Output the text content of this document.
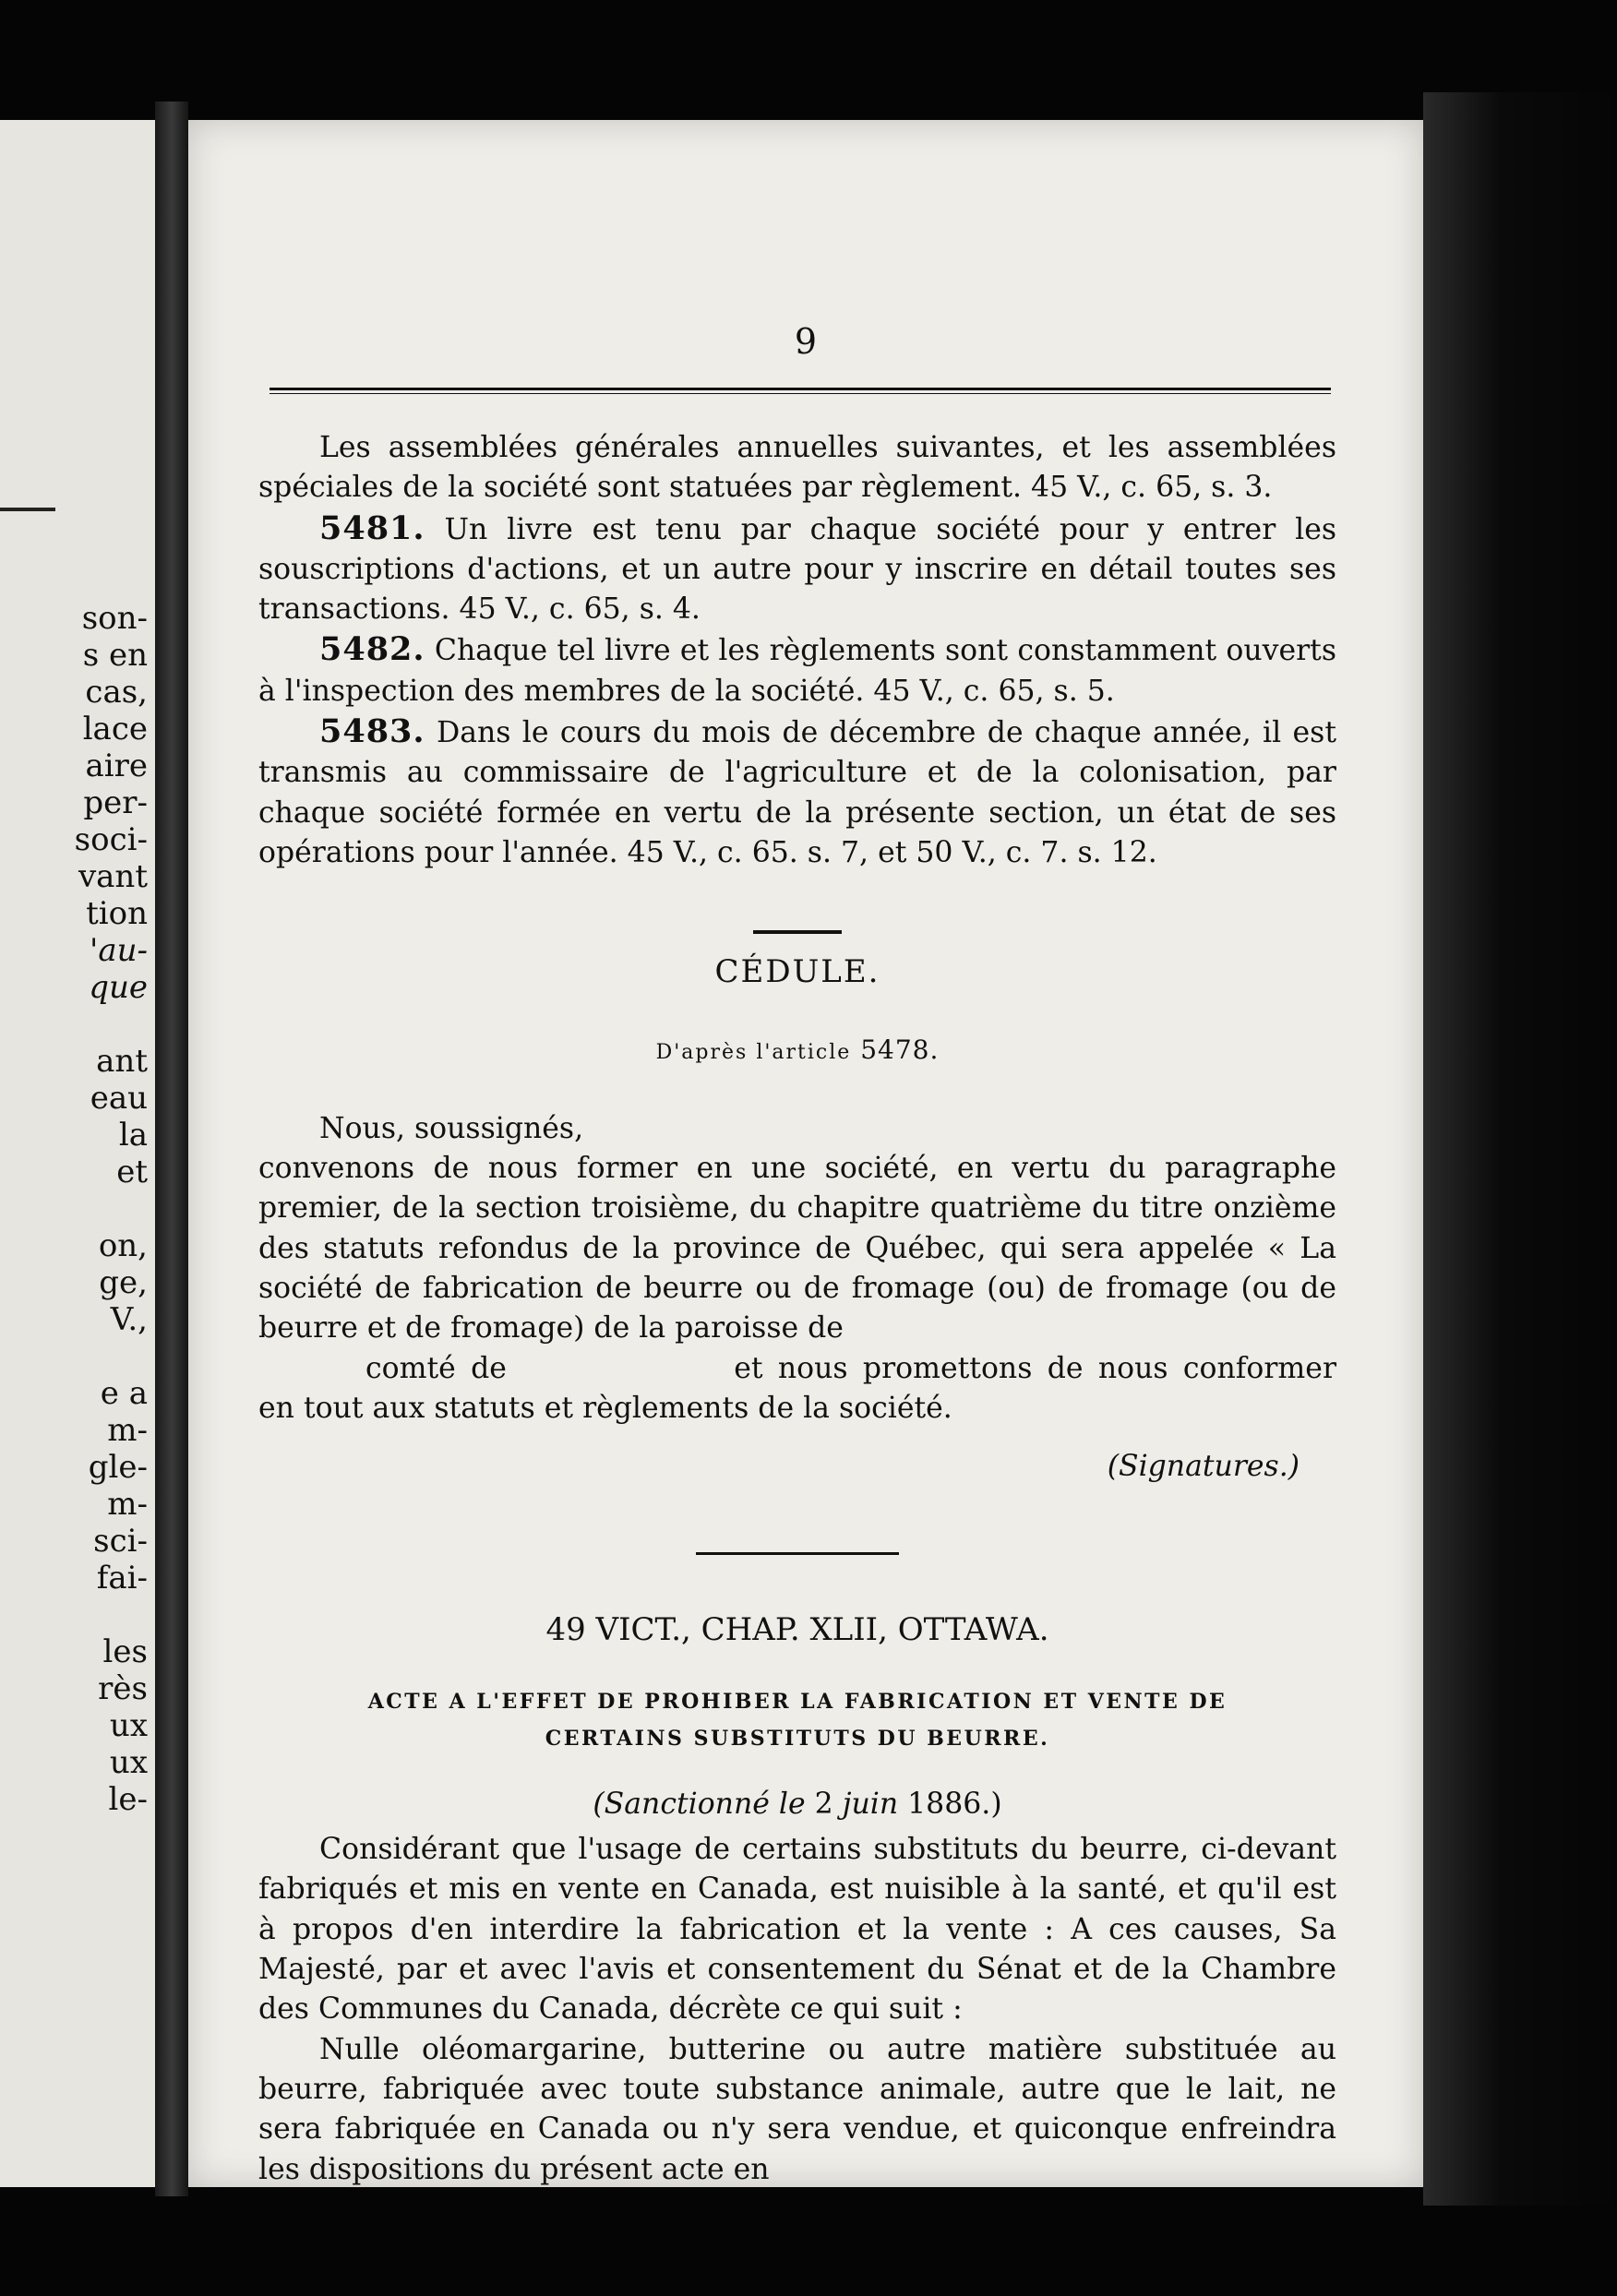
son-
s en
cas,
lace
aire
per-
soci-
vant
tion
'au-
que
ant
eau
la
et
on,
ge,
V.,
e a
m-
gle-
m-
sci-
fai-
les
rès
ux
ux
le-
9

Les assemblées générales annuelles suivantes, et les assemblées spéciales de la société sont statuées par règlement. 45 V., c. 65, s. 3.

5481. Un livre est tenu par chaque société pour y entrer les souscriptions d'actions, et un autre pour y inscrire en détail toutes ses transactions. 45 V., c. 65, s. 4.

5482. Chaque tel livre et les règlements sont constamment ouverts à l'inspection des membres de la société. 45 V., c. 65, s. 5.

5483. Dans le cours du mois de décembre de chaque année, il est transmis au commissaire de l'agriculture et de la colonisation, par chaque société formée en vertu de la présente section, un état de ses opérations pour l'année. 45 V., c. 65. s. 7, et 50 V., c. 7. s. 12.

CÉDULE.

D'après l'article 5478.

Nous, soussignés,

convenons de nous former en une société, en vertu du paragraphe premier, de la section troisième, du chapitre quatrième du titre onzième des statuts refondus de la province de Québec, qui sera appelée « La société de fabrication de beurre ou de fromage (ou) de fromage (ou de beurre et de fromage) de la paroisse de
comté de	et nous promettons de nous conformer en tout aux statuts et règlements de la société.

(Signatures.)

49 VICT., CHAP. XLII, OTTAWA.

ACTE A L'EFFET DE PROHIBER LA FABRICATION ET VENTE DE
CERTAINS SUBSTITUTS DU BEURRE.

(Sanctionné le 2 juin 1886.)

Considérant que l'usage de certains substituts du beurre, ci-devant fabriqués et mis en vente en Canada, est nuisible à la santé, et qu'il est à propos d'en interdire la fabrication et la vente : A ces causes, Sa Majesté, par et avec l'avis et consentement du Sénat et de la Chambre des Communes du Canada, décrète ce qui suit :

Nulle oléomargarine, butterine ou autre matière substituée au beurre, fabriquée avec toute substance animale, autre que le lait, ne sera fabriquée en Canada ou n'y sera vendue, et quiconque enfreindra les dispositions du présent acte en
